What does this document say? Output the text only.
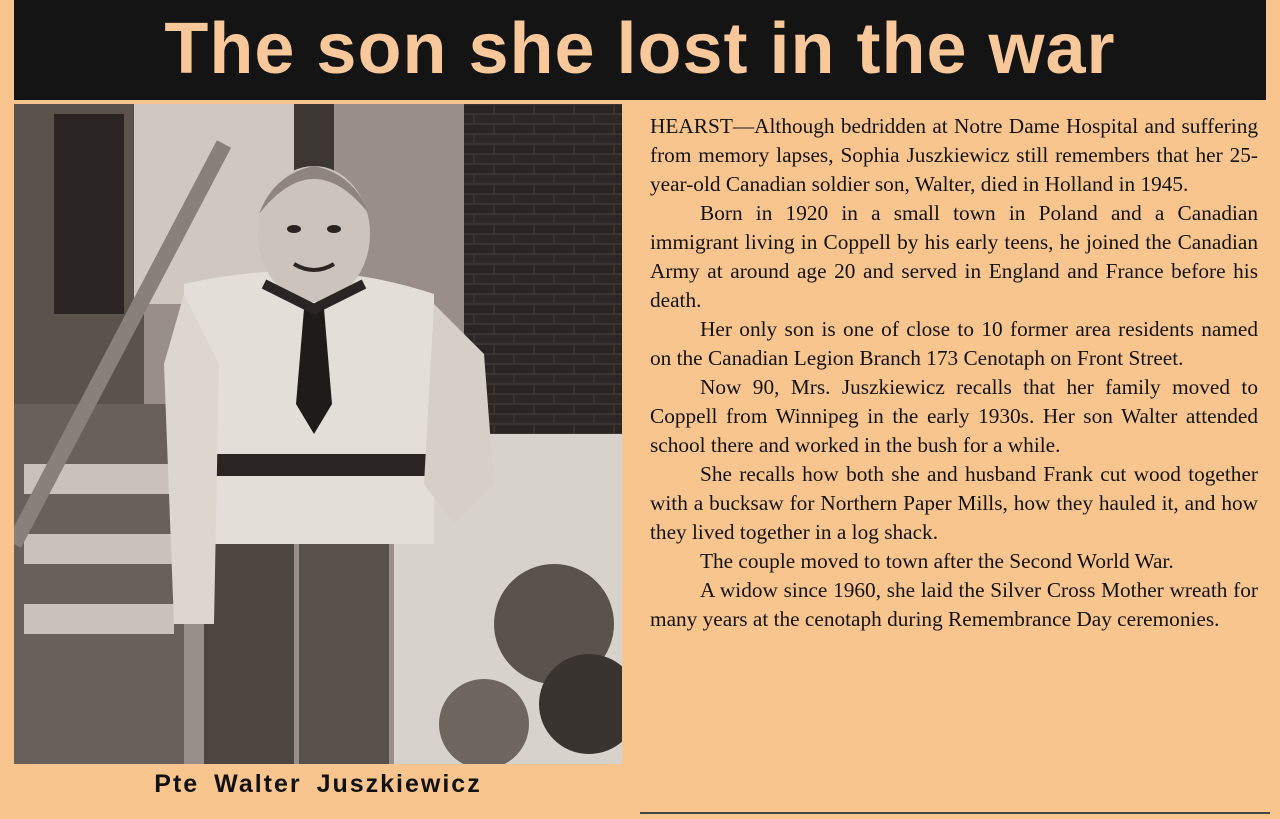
The son she lost in the war
Pte Walter Juszkiewicz

HEARST—Although bedridden at Notre Dame Hospital and suffering from memory lapses, Sophia Juszkiewicz still remembers that her 25-year-old Canadian soldier son, Walter, died in Holland in 1945.

Born in 1920 in a small town in Poland and a Canadian immigrant living in Coppell by his early teens, he joined the Canadian Army at around age 20 and served in England and France before his death.

Her only son is one of close to 10 former area residents named on the Canadian Legion Branch 173 Cenotaph on Front Street.

Now 90, Mrs. Juszkiewicz recalls that her family moved to Coppell from Winnipeg in the early 1930s. Her son Walter attended school there and worked in the bush for a while.

She recalls how both she and husband Frank cut wood together with a bucksaw for Northern Paper Mills, how they hauled it, and how they lived together in a log shack.

The couple moved to town after the Second World War.

A widow since 1960, she laid the Silver Cross Mother wreath for many years at the cenotaph during Remembrance Day ceremonies.
